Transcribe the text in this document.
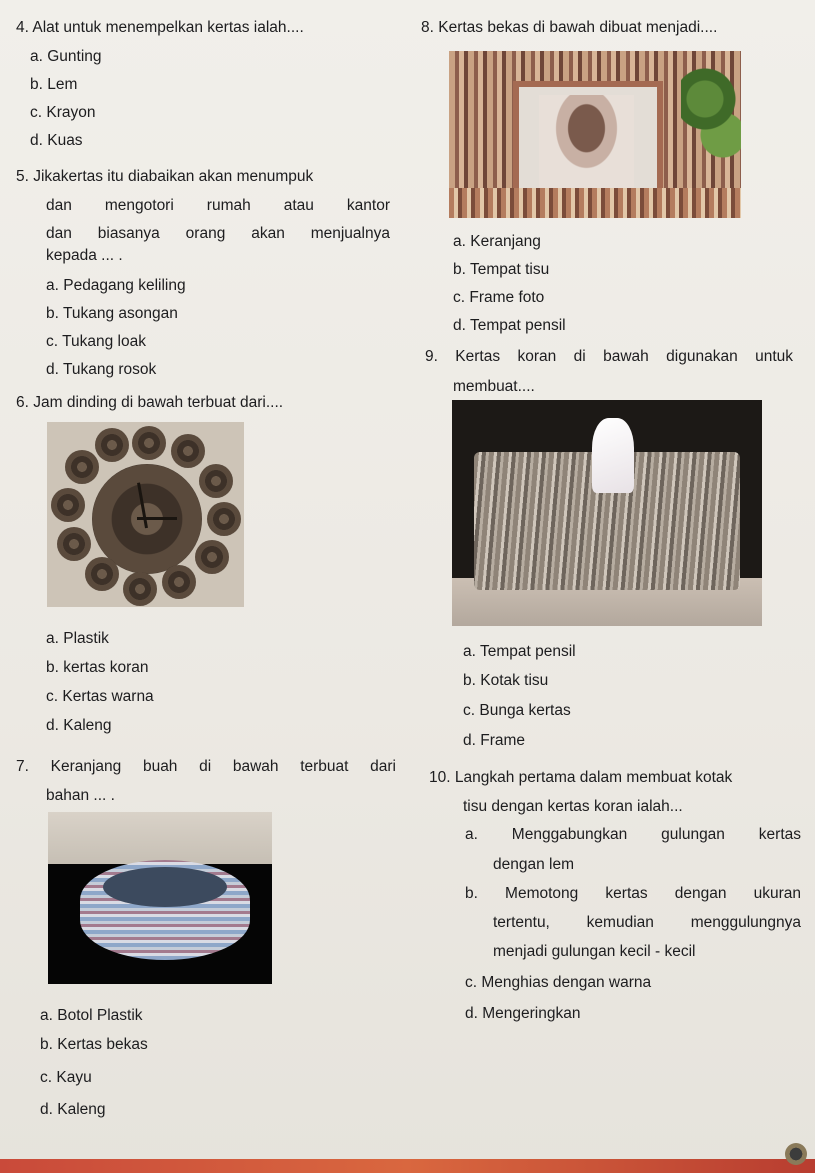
4. Alat untuk menempelkan kertas ialah....
a. Gunting
b. Lem
c. Krayon
d. Kuas
5. Jikakertas itu diabaikan akan menumpuk
dan mengotori rumah atau kantor
dan biasanya orang akan menjualnya
kepada ... .
a. Pedagang keliling
b. Tukang asongan
c. Tukang loak
d. Tukang rosok
6. Jam dinding di bawah terbuat dari....
a. Plastik
b. kertas koran
c. Kertas warna
d. Kaleng
7. Keranjang buah di bawah terbuat dari
bahan ... .
a. Botol Plastik
b. Kertas bekas
c. Kayu
d. Kaleng
8. Kertas bekas di bawah dibuat menjadi....
a. Keranjang
b. Tempat tisu
c. Frame foto
d. Tempat pensil
9. Kertas koran di bawah digunakan untuk
membuat....
a. Tempat pensil
b. Kotak tisu
c. Bunga kertas
d. Frame
10. Langkah pertama dalam membuat kotak
tisu dengan kertas koran ialah...
a. Menggabungkan gulungan kertas
dengan lem
b. Memotong kertas dengan ukuran
tertentu, kemudian menggulungnya
menjadi gulungan kecil - kecil
c. Menghias dengan warna
d. Mengeringkan
